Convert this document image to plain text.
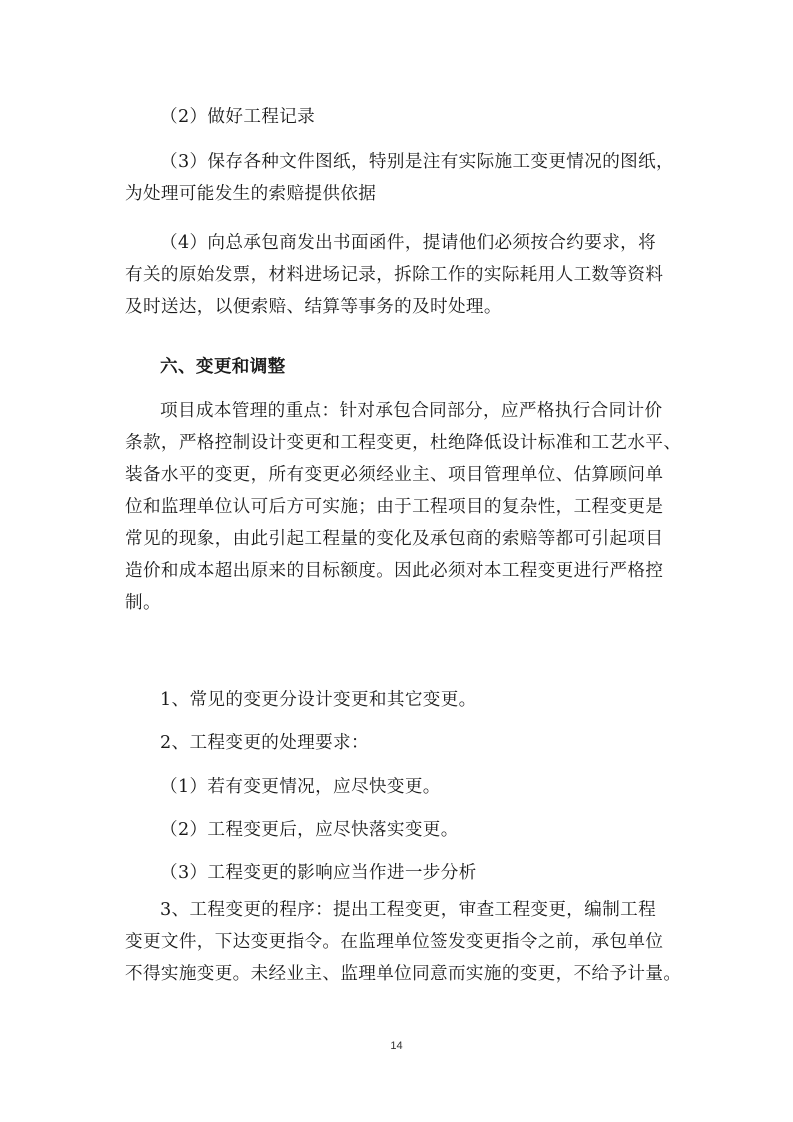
（2）做好工程记录
（3）保存各种文件图纸，特别是注有实际施工变更情况的图纸，
为处理可能发生的索赔提供依据
（4）向总承包商发出书面函件，提请他们必须按合约要求，将
有关的原始发票，材料进场记录，拆除工作的实际耗用人工数等资料
及时送达，以便索赔、结算等事务的及时处理。
六、变更和调整
项目成本管理的重点：针对承包合同部分，应严格执行合同计价
条款，严格控制设计变更和工程变更，杜绝降低设计标准和工艺水平、
装备水平的变更，所有变更必须经业主、项目管理单位、估算顾问单
位和监理单位认可后方可实施；由于工程项目的复杂性，工程变更是
常见的现象，由此引起工程量的变化及承包商的索赔等都可引起项目
造价和成本超出原来的目标额度。因此必须对本工程变更进行严格控
制。
1、常见的变更分设计变更和其它变更。
2、工程变更的处理要求：
（1）若有变更情况，应尽快变更。
（2）工程变更后，应尽快落实变更。
（3）工程变更的影响应当作进一步分析
3、工程变更的程序：提出工程变更，审查工程变更，编制工程
变更文件，下达变更指令。在监理单位签发变更指令之前，承包单位
不得实施变更。未经业主、监理单位同意而实施的变更，不给予计量。
14
